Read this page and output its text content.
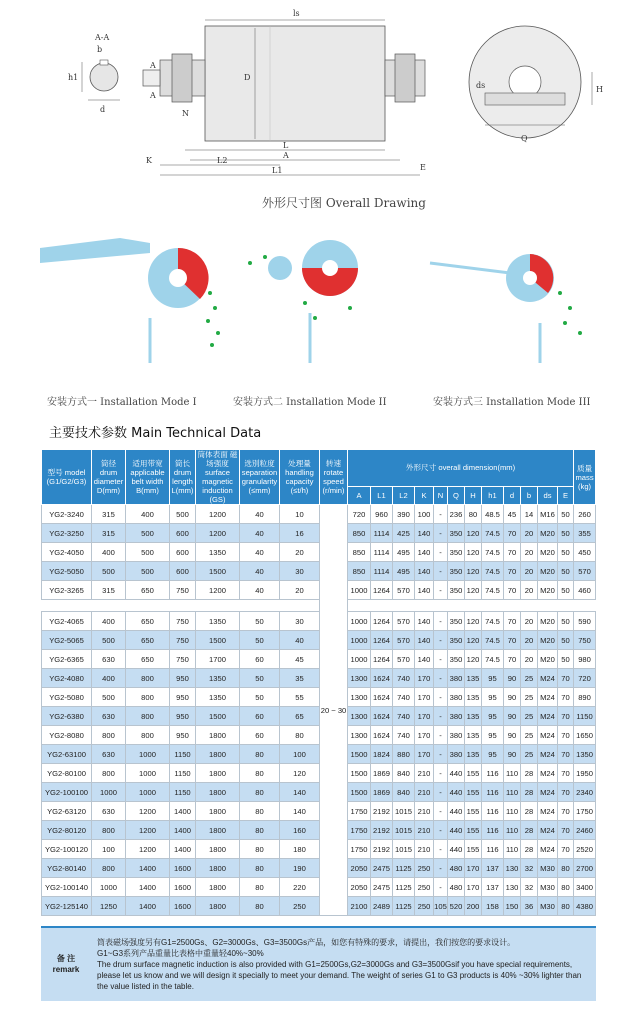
A-A
b
h1
d
ls
D
A
A
N
L
A
L2
L1
K
E
ds	H
Q
外形尺寸图 Overall Drawing
安装方式一 Installation Mode I	安装方式二 Installation Mode II	安装方式三 Installation Mode III
主要技术参数 Main Technical Data
型号 model (G1/G2/G3)	筒径 drum diameter D(mm)	适用带宽 applicable belt width B(mm)	筒长 drum length L(mm)	筒体表面 磁场强度 surface magnetic induction (GS)	选別粒度 separation granularity (≤mm)	处理量 handling capacity (≤t/h)	转速 rotate speed (r/min)	外形尺寸 overall dimension(mm)												质量 mass (kg)
								A	L1	L2	K	N	Q	H	h1	d	b	ds	E	
YG2-3240	315	400	500	1200	40	10	20 ~ 30	720	960	390	100	-	236	80	48.5	45	14	M16	50	260
YG2-3250	315	500	600	1200	40	16		850	1114	425	140	-	350	120	74.5	70	20	M20	50	355
YG2-4050	400	500	600	1350	40	20		850	1114	495	140	-	350	120	74.5	70	20	M20	50	450
YG2-5050	500	500	600	1500	40	30		850	1114	495	140	-	350	120	74.5	70	20	M20	50	570
YG2-3265	315	650	750	1200	40	20		1000	1264	570	140	-	350	120	74.5	70	20	M20	50	460

YG2-4065	400	650	750	1350	50	30		1000	1264	570	140	-	350	120	74.5	70	20	M20	50	590
YG2-5065	500	650	750	1500	50	40		1000	1264	570	140	-	350	120	74.5	70	20	M20	50	750
YG2-6365	630	650	750	1700	60	45		1000	1264	570	140	-	350	120	74.5	70	20	M20	50	980
YG2-4080	400	800	950	1350	50	35		1300	1624	740	170	-	380	135	95	90	25	M24	70	720
YG2-5080	500	800	950	1350	50	55		1300	1624	740	170	-	380	135	95	90	25	M24	70	890
YG2-6380	630	800	950	1500	60	65		1300	1624	740	170	-	380	135	95	90	25	M24	70	1150
YG2-8080	800	800	950	1800	60	80		1300	1624	740	170	-	380	135	95	90	25	M24	70	1650
YG2-63100	630	1000	1150	1800	80	100		1500	1824	880	170	-	380	135	95	90	25	M24	70	1350
YG2-80100	800	1000	1150	1800	80	120		1500	1869	840	210	-	440	155	116	110	28	M24	70	1950
YG2-100100	1000	1000	1150	1800	80	140		1500	1869	840	210	-	440	155	116	110	28	M24	70	2340
YG2-63120	630	1200	1400	1800	80	140		1750	2192	1015	210	-	440	155	116	110	28	M24	70	1750
YG2-80120	800	1200	1400	1800	80	160		1750	2192	1015	210	-	440	155	116	110	28	M24	70	2460
YG2-100120	100	1200	1400	1800	80	180		1750	2192	1015	210	-	440	155	116	110	28	M24	70	2520
YG2-80140	800	1400	1600	1800	80	190		2050	2475	1125	250	-	480	170	137	130	32	M30	80	2700
YG2-100140	1000	1400	1600	1800	80	220		2050	2475	1125	250	-	480	170	137	130	32	M30	80	3400
YG2-125140	1250	1400	1600	1800	80	250		2100	2489	1125	250	105	520	200	158	150	36	M30	80	4380
备 注 remark
筒表磁场强度另有G1=2500Gs、G2=3000Gs、G3=3500Gs产品，如您有特殊的要求，请提出，我们按您的要求设计。
G1~G3系列产品重量比表格中重量轻40%~30%
The drum surface magnetic induction is also provided with G1=2500Gs,G2=3000Gs and G3=3500Gsif you have special requirements, please let us know and we will design it specially to meet your demand. The weight of series G1 to G3 products is 40% ~30% lighter than the value listed in the table.
